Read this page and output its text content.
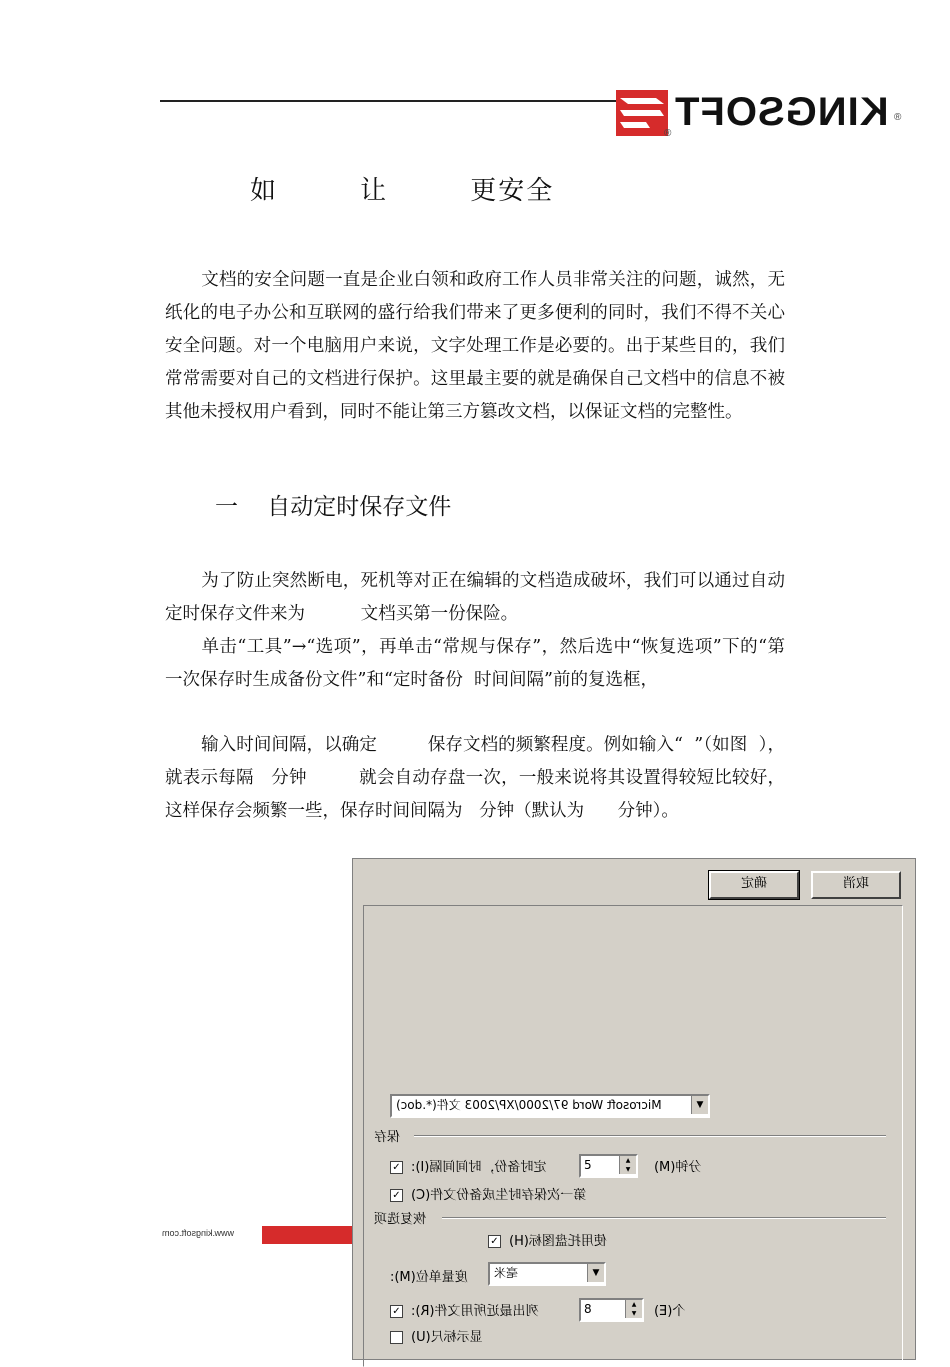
KINGSOFT
®
®
如        让        更安全
文档的安全问题一直是企业白领和政府工作人员非常关注的问题，诚然，无纸化的电子办公和互联网的盛行给我们带来了更多便利的同时，我们不得不关心安全问题。对一个电脑用户来说，文字处理工作是必要的。出于某些目的，我们常常需要对自己的文档进行保护。这里最主要的就是确保自己文档中的信息不被其他未授权用户看到，同时不能让第三方篡改文档，以保证文档的完整性。
一    自动定时保存文件
为了防止突然断电，死机等对正在编辑的文档造成破坏，我们可以通过自动定时保存文件来为          文档买第一份保险。
单击“工具”→“选项”，再单击“常规与保存”，然后选中“恢复选项”下的“第一次保存时生成备份文件”和“定时备份  时间间隔”前的复选框，
输入时间间隔，以确定         保存文档的频繁程度。例如输入“  ”（如图  ），就表示每隔   分钟         就会自动存盘一次，一般来说将其设置得较短比较好，这样保存会频繁一些，保存时间间隔为   分钟（默认为      分钟）。
确定	取消
Microsoft Word 97/2000/XP/2003 文件(*.doc)	▼
保存
✓ 定时备份，时间间隔(I):	5	▲
▼	分钟(M)
✓ 第一次保存时生成备份文件(C)
恢复选项
✓ 使用托盘图标(H)
度量单位(M):	毫米	▼
✓ 列出最近所用文件(R):	8	▲
▼	个(E)
显示标尺(U)
www.kingsoft.com
